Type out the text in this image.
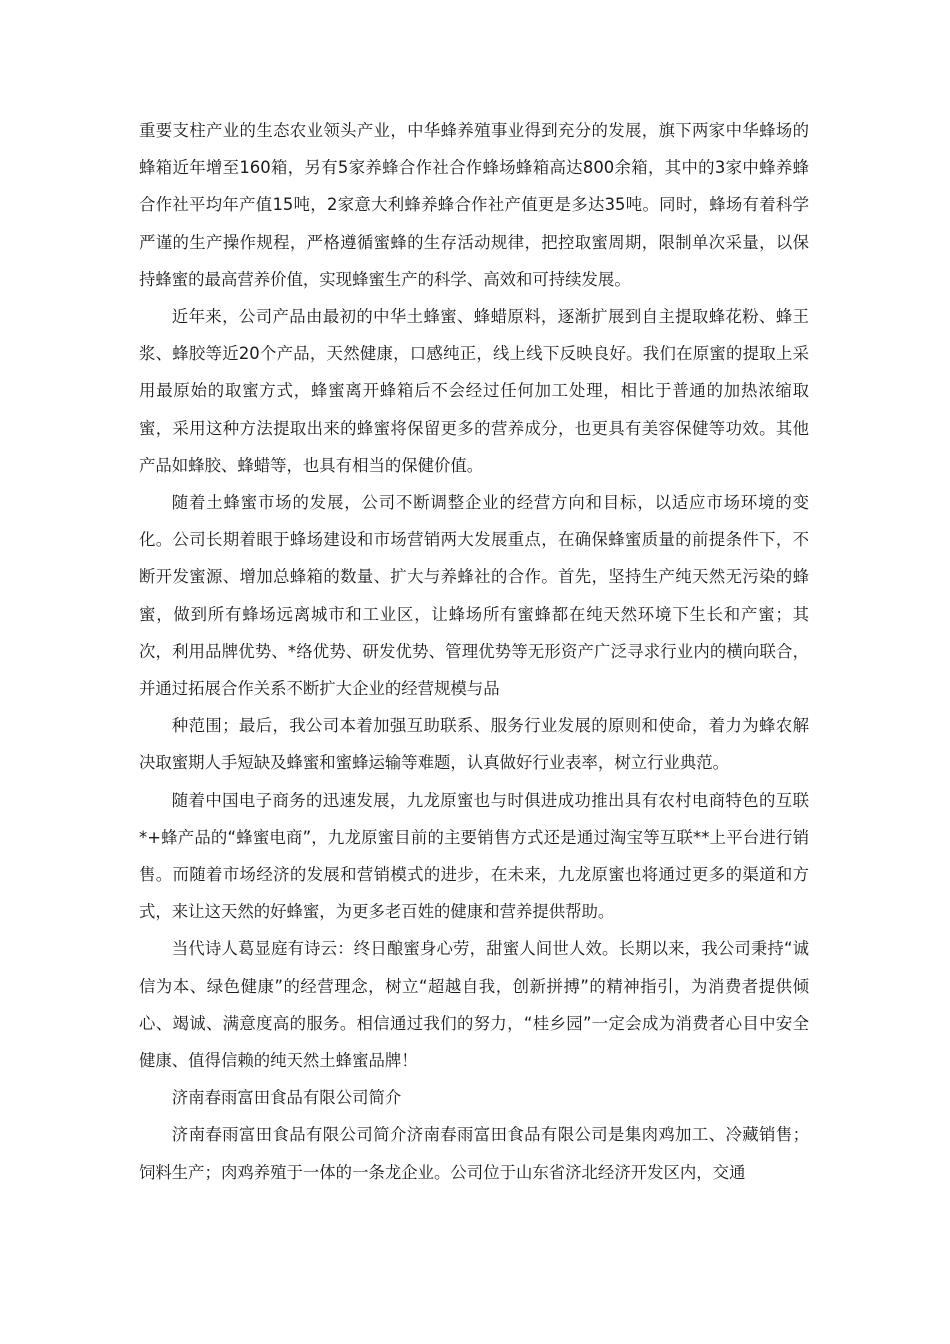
重要支柱产业的生态农业领头产业，中华蜂养殖事业得到充分的发展，旗下两家中华蜂场的蜂箱近年增至160箱，另有5家养蜂合作社合作蜂场蜂箱高达800余箱，其中的3家中蜂养蜂合作社平均年产值15吨，2家意大利蜂养蜂合作社产值更是多达35吨。同时，蜂场有着科学严谨的生产操作规程，严格遵循蜜蜂的生存活动规律，把控取蜜周期，限制单次采量，以保持蜂蜜的最高营养价值，实现蜂蜜生产的科学、高效和可持续发展。

近年来，公司产品由最初的中华土蜂蜜、蜂蜡原料，逐渐扩展到自主提取蜂花粉、蜂王浆、蜂胶等近20个产品，天然健康，口感纯正，线上线下反映良好。我们在原蜜的提取上采用最原始的取蜜方式，蜂蜜离开蜂箱后不会经过任何加工处理，相比于普通的加热浓缩取蜜，采用这种方法提取出来的蜂蜜将保留更多的营养成分，也更具有美容保健等功效。其他产品如蜂胶、蜂蜡等，也具有相当的保健价值。

随着土蜂蜜市场的发展，公司不断调整企业的经营方向和目标，以适应市场环境的变化。公司长期着眼于蜂场建设和市场营销两大发展重点，在确保蜂蜜质量的前提条件下，不断开发蜜源、增加总蜂箱的数量、扩大与养蜂社的合作。首先，坚持生产纯天然无污染的蜂蜜，做到所有蜂场远离城市和工业区，让蜂场所有蜜蜂都在纯天然环境下生长和产蜜；其次，利用品牌优势、*络优势、研发优势、管理优势等无形资产广泛寻求行业内的横向联合，并通过拓展合作关系不断扩大企业的经营规模与品

种范围；最后，我公司本着加强互助联系、服务行业发展的原则和使命，着力为蜂农解决取蜜期人手短缺及蜂蜜和蜜蜂运输等难题，认真做好行业表率，树立行业典范。

随着中国电子商务的迅速发展，九龙原蜜也与时俱进成功推出具有农村电商特色的互联*+蜂产品的“蜂蜜电商”，九龙原蜜目前的主要销售方式还是通过淘宝等互联**上平台进行销售。而随着市场经济的发展和营销模式的进步，在未来，九龙原蜜也将通过更多的渠道和方式，来让这天然的好蜂蜜，为更多老百姓的健康和营养提供帮助。

当代诗人葛显庭有诗云：终日酿蜜身心劳，甜蜜人间世人效。长期以来，我公司秉持“诚信为本、绿色健康”的经营理念，树立“超越自我，创新拼搏”的精神指引，为消费者提供倾心、竭诚、满意度高的服务。相信通过我们的努力，“桂乡园”一定会成为消费者心目中安全健康、值得信赖的纯天然土蜂蜜品牌！

济南春雨富田食品有限公司简介

济南春雨富田食品有限公司简介济南春雨富田食品有限公司是集肉鸡加工、冷藏销售；饲料生产；肉鸡养殖于一体的一条龙企业。公司位于山东省济北经济开发区内，交通
